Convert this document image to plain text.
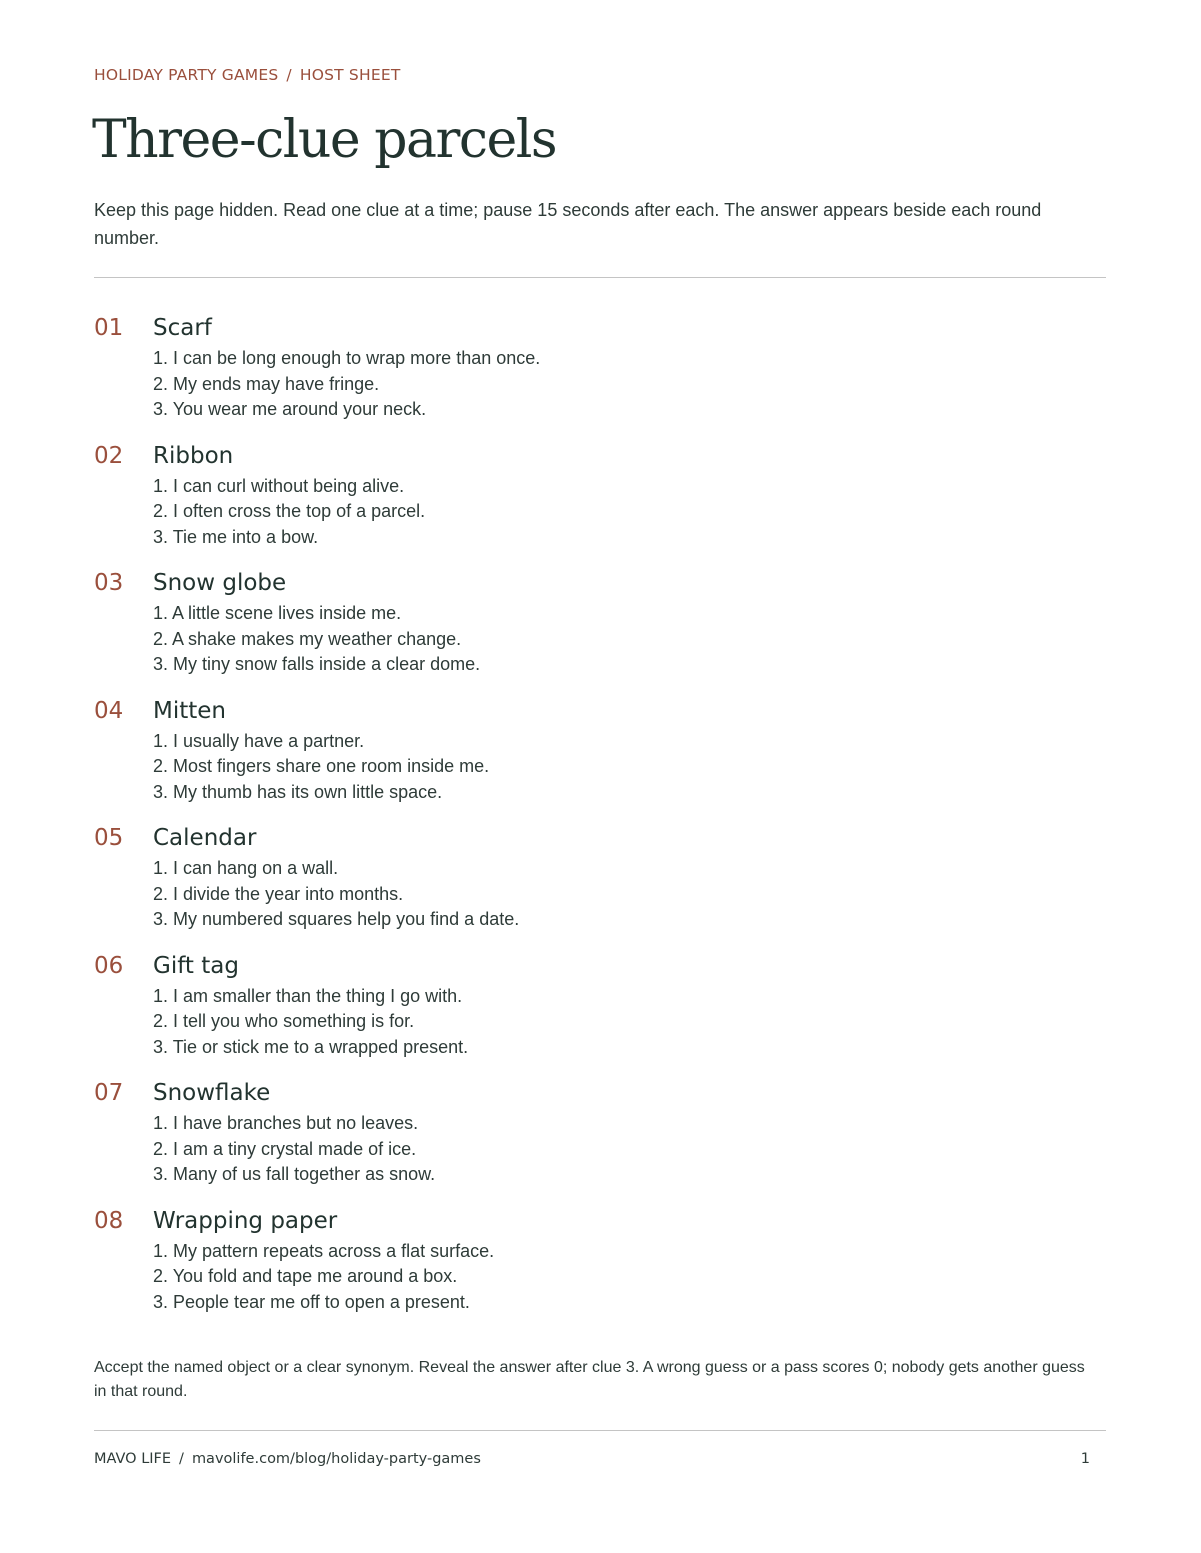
HOLIDAY PARTY GAMES / HOST SHEET
Three-clue parcels

Keep this page hidden. Read one clue at a time; pause 15 seconds after each. The answer appears beside each round number.

01 Scarf
1. I can be long enough to wrap more than once.
2. My ends may have fringe.
3. You wear me around your neck.
02 Ribbon
1. I can curl without being alive.
2. I often cross the top of a parcel.
3. Tie me into a bow.
03 Snow globe
1. A little scene lives inside me.
2. A shake makes my weather change.
3. My tiny snow falls inside a clear dome.
04 Mitten
1. I usually have a partner.
2. Most fingers share one room inside me.
3. My thumb has its own little space.
05 Calendar
1. I can hang on a wall.
2. I divide the year into months.
3. My numbered squares help you find a date.
06 Gift tag
1. I am smaller than the thing I go with.
2. I tell you who something is for.
3. Tie or stick me to a wrapped present.
07 Snowflake
1. I have branches but no leaves.
2. I am a tiny crystal made of ice.
3. Many of us fall together as snow.
08 Wrapping paper
1. My pattern repeats across a flat surface.
2. You fold and tape me around a box.
3. People tear me off to open a present.

Accept the named object or a clear synonym. Reveal the answer after clue 3. A wrong guess or a pass scores 0; nobody gets another guess in that round.

MAVO LIFE / mavolife.com/blog/holiday-party-games	1
